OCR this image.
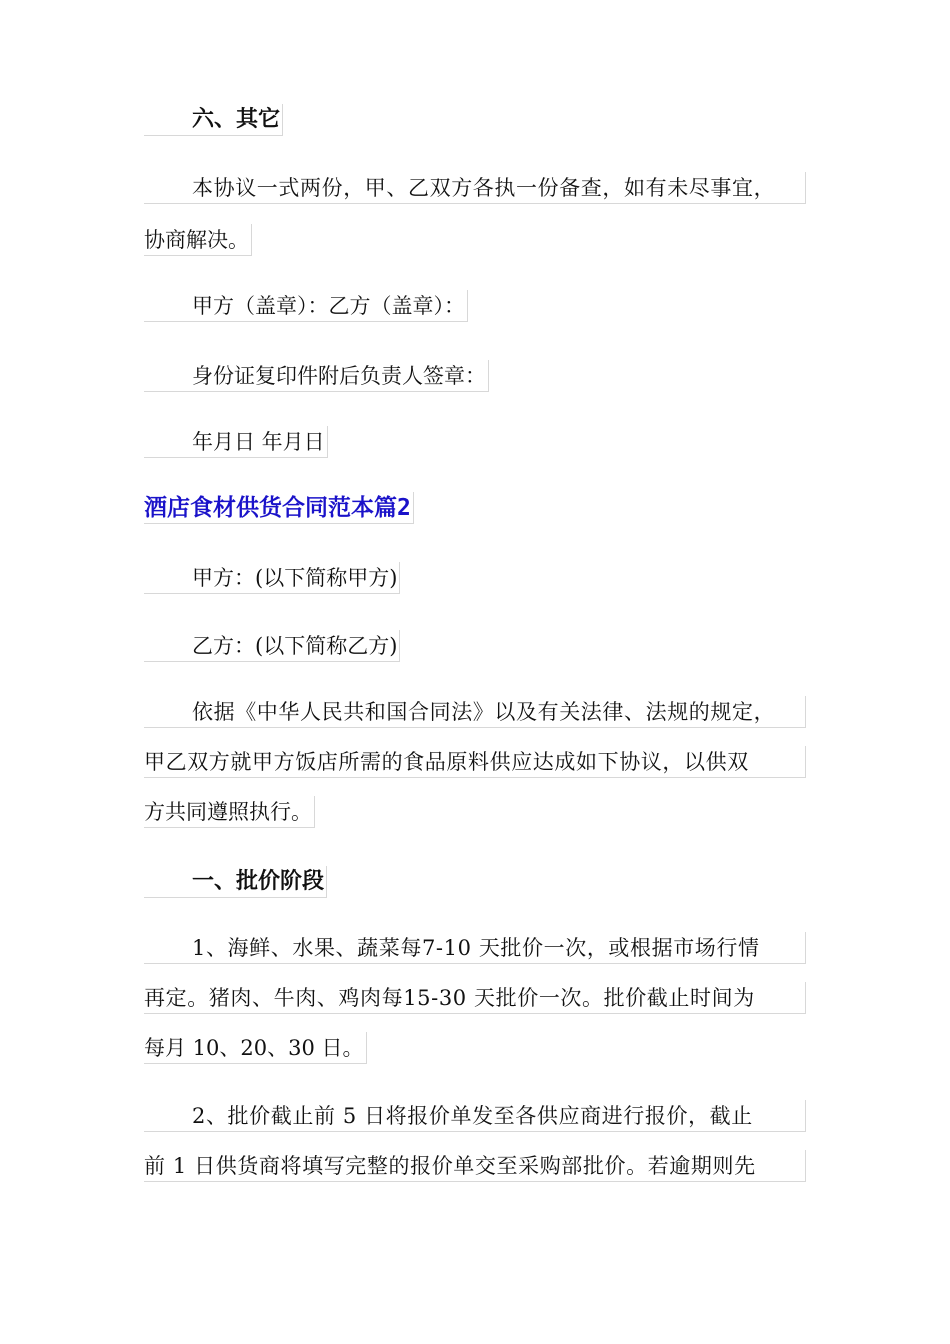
六、其它
本协议一式两份，甲、乙双方各执一份备查，如有未尽事宜，
协商解决。
甲方（盖章）：乙方（盖章）：
身份证复印件附后负责人签章：
年月日 年月日
酒店食材供货合同范本篇2
甲方：(以下简称甲方)
乙方：(以下简称乙方)
依据《中华人民共和国合同法》以及有关法律、法规的规定，
甲乙双方就甲方饭店所需的食品原料供应达成如下协议，以供双
方共同遵照执行。
一、批价阶段
1、海鲜、水果、蔬菜每7-10 天批价一次，或根据市场行情
再定。猪肉、牛肉、鸡肉每15-30 天批价一次。批价截止时间为
每月 10、20、30 日。
2、批价截止前 5 日将报价单发至各供应商进行报价，截止
前 1 日供货商将填写完整的报价单交至采购部批价。若逾期则先
